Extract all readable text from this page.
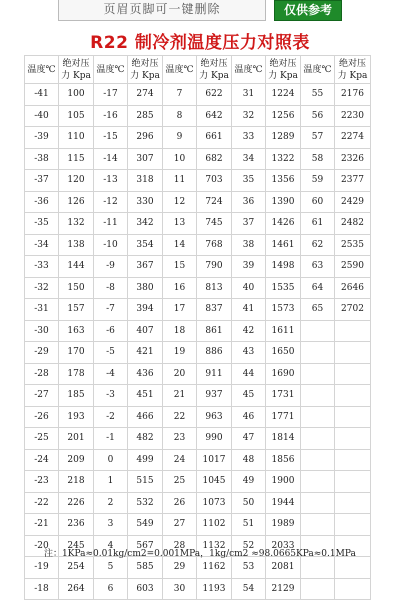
页眉页脚可一键删除	仅供参考
R22 制冷剂温度压力对照表
温度℃	绝对压力 Kpa	温度℃	绝对压力 Kpa	温度℃	绝对压力 Kpa	温度℃	绝对压力 Kpa	温度℃	绝对压力 Kpa
-41	100	-17	274	7	622	31	1224	55	2176
-40	105	-16	285	8	642	32	1256	56	2230
-39	110	-15	296	9	661	33	1289	57	2274
-38	115	-14	307	10	682	34	1322	58	2326
-37	120	-13	318	11	703	35	1356	59	2377
-36	126	-12	330	12	724	36	1390	60	2429
-35	132	-11	342	13	745	37	1426	61	2482
-34	138	-10	354	14	768	38	1461	62	2535
-33	144	-9	367	15	790	39	1498	63	2590
-32	150	-8	380	16	813	40	1535	64	2646
-31	157	-7	394	17	837	41	1573	65	2702
-30	163	-6	407	18	861	42	1611		
-29	170	-5	421	19	886	43	1650		
-28	178	-4	436	20	911	44	1690		
-27	185	-3	451	21	937	45	1731		
-26	193	-2	466	22	963	46	1771		
-25	201	-1	482	23	990	47	1814		
-24	209	0	499	24	1017	48	1856		
-23	218	1	515	25	1045	49	1900		
-22	226	2	532	26	1073	50	1944		
-21	236	3	549	27	1102	51	1989		
-20	245	4	567	28	1132	52	2033		
-19	254	5	585	29	1162	53	2081		
-18	264	6	603	30	1193	54	2129		
注：1KPa≈0.01kg/cm2=0.001MPa，1kg/cm2 ≈98.0665KPa≈0.1MPa
